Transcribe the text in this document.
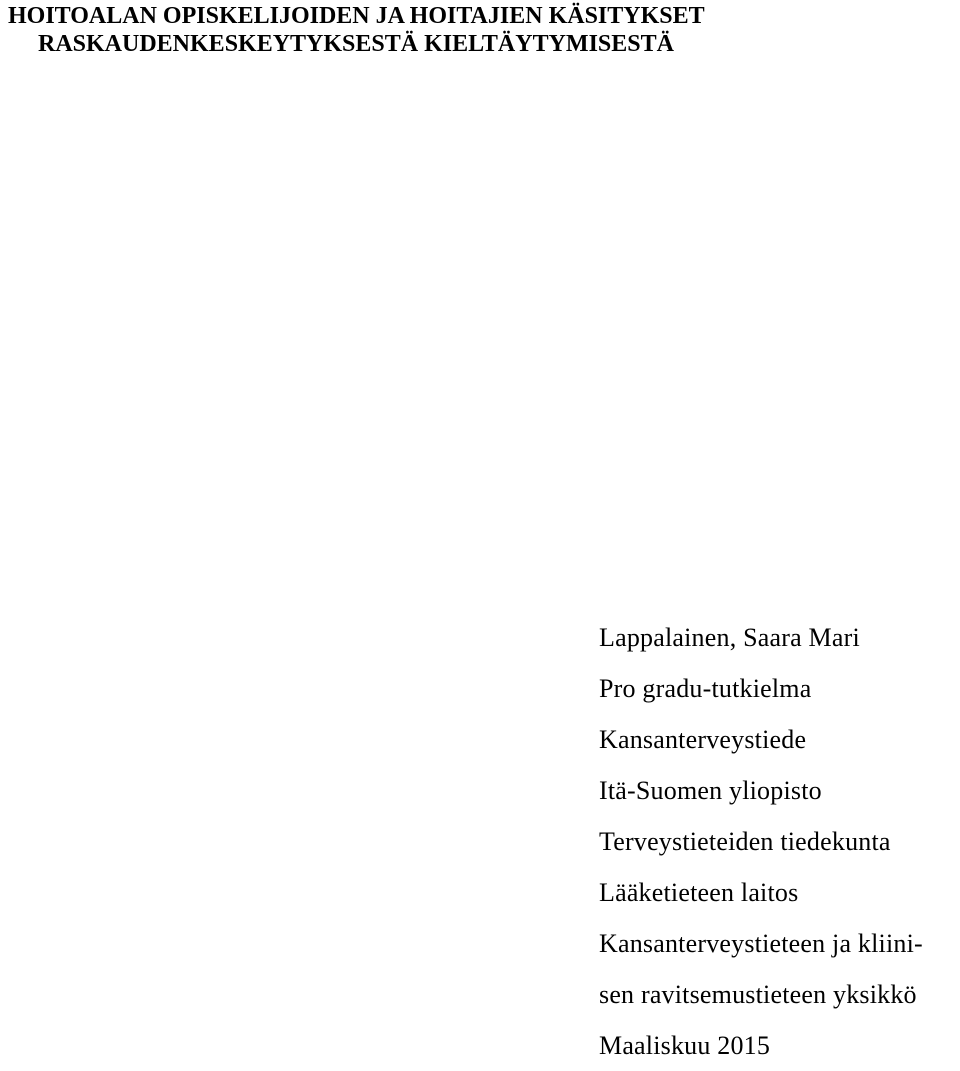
HOITOALAN OPISKELIJOIDEN JA HOITAJIEN KÄSITYKSET

RASKAUDENKESKEYTYKSESTÄ KIELTÄYTYMISESTÄ

Lappalainen, Saara Mari

Pro gradu-tutkielma

Kansanterveystiede

Itä-Suomen yliopisto

Terveystieteiden tiedekunta

Lääketieteen laitos

Kansanterveystieteen ja kliini-

sen ravitsemustieteen yksikkö

Maaliskuu 2015
